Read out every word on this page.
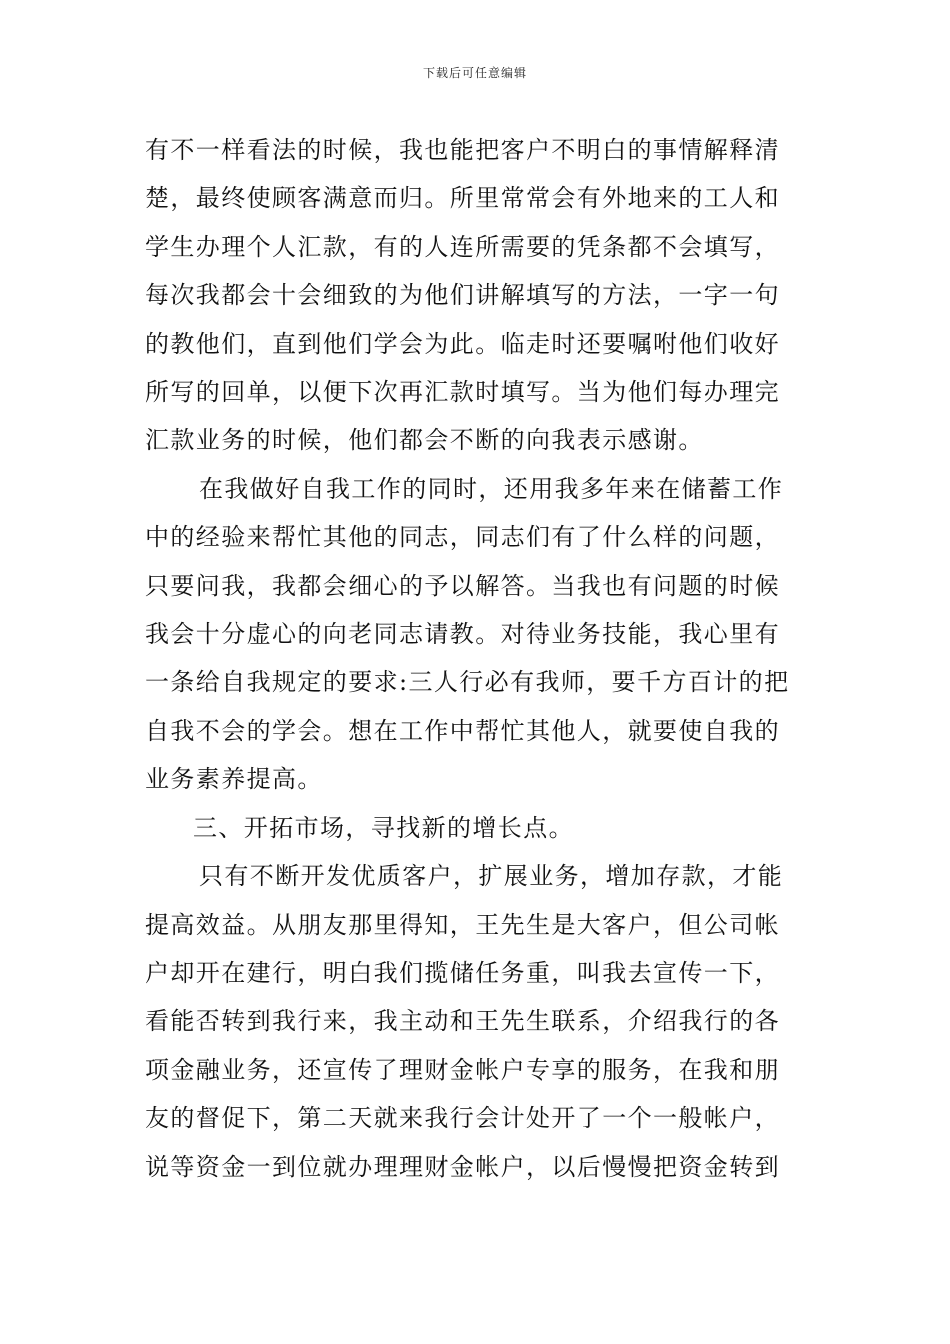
下载后可任意编辑
有不一样看法的时候，我也能把客户不明白的事情解释清
楚，最终使顾客满意而归。所里常常会有外地来的工人和
学生办理个人汇款，有的人连所需要的凭条都不会填写，
每次我都会十会细致的为他们讲解填写的方法，一字一句
的教他们，直到他们学会为此。临走时还要嘱咐他们收好
所写的回单，以便下次再汇款时填写。当为他们每办理完
汇款业务的时候，他们都会不断的向我表示感谢。
在我做好自我工作的同时，还用我多年来在储蓄工作
中的经验来帮忙其他的同志，同志们有了什么样的问题，
只要问我，我都会细心的予以解答。当我也有问题的时候
我会十分虚心的向老同志请教。对待业务技能，我心里有
一条给自我规定的要求:三人行必有我师，要千方百计的把
自我不会的学会。想在工作中帮忙其他人，就要使自我的
业务素养提高。
三、开拓市场，寻找新的增长点。
只有不断开发优质客户，扩展业务，增加存款，才能
提高效益。从朋友那里得知，王先生是大客户，但公司帐
户却开在建行，明白我们揽储任务重，叫我去宣传一下，
看能否转到我行来，我主动和王先生联系，介绍我行的各
项金融业务，还宣传了理财金帐户专享的服务，在我和朋
友的督促下，第二天就来我行会计处开了一个一般帐户，
说等资金一到位就办理理财金帐户，以后慢慢把资金转到
